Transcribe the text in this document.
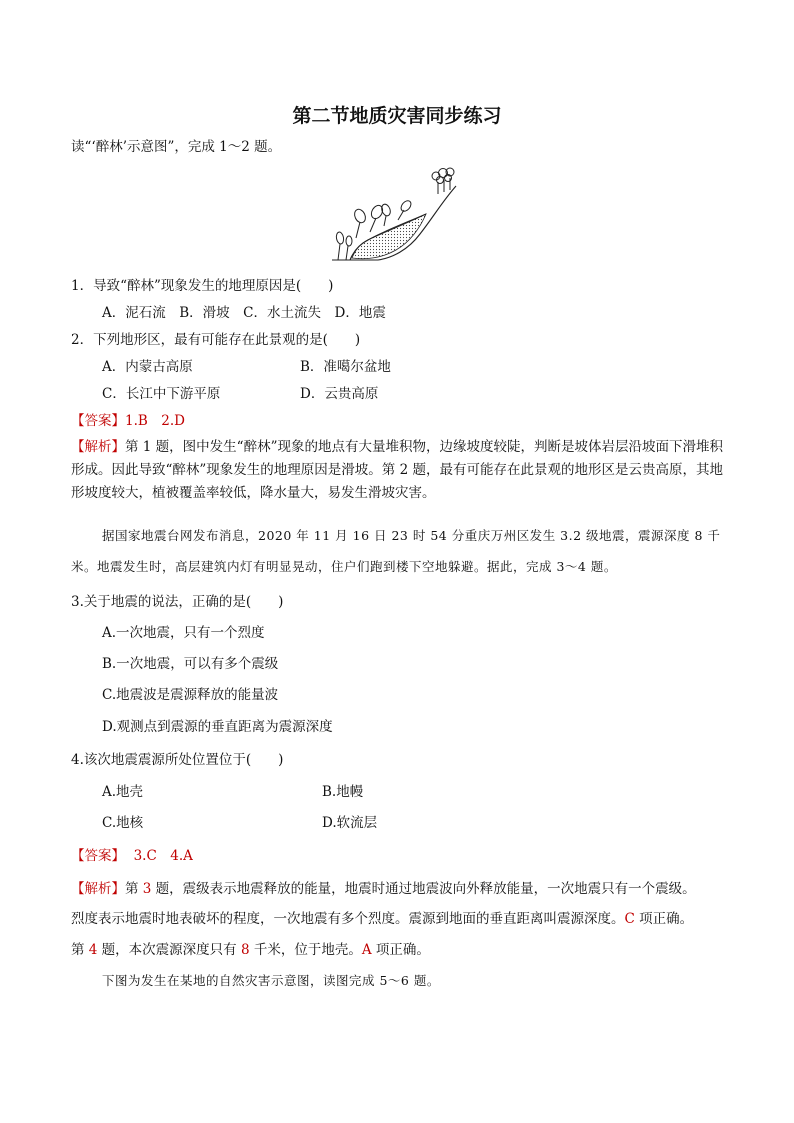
第二节地质灾害同步练习
读“‘醉林’示意图”，完成 1～2 题。
1．导致“醉林”现象发生的地理原因是(　　)
A．泥石流　B．滑坡　C．水土流失　D．地震
2．下列地形区，最有可能存在此景观的是(　　)
A．内蒙古高原	B．准噶尔盆地
C．长江中下游平原	D．云贵高原
【答案】1.B　2.D
【解析】第 1 题，图中发生“醉林”现象的地点有大量堆积物，边缘坡度较陡，判断是坡体岩层沿坡面下滑堆积形成。因此导致“醉林”现象发生的地理原因是滑坡。第 2 题，最有可能存在此景观的地形区是云贵高原，其地形坡度较大，植被覆盖率较低，降水量大，易发生滑坡灾害。
据国家地震台网发布消息，2020 年 11 月 16 日 23 时 54 分重庆万州区发生 3.2 级地震，震源深度 8 千
米。地震发生时，高层建筑内灯有明显晃动，住户们跑到楼下空地躲避。据此，完成 3～4 题。
3.关于地震的说法，正确的是(　　)
A.一次地震，只有一个烈度
B.一次地震，可以有多个震级
C.地震波是震源释放的能量波
D.观测点到震源的垂直距离为震源深度
4.该次地震震源所处位置位于(　　)
A.地壳	B.地幔
C.地核	D.软流层
【答案】 3.C　4.A
【解析】第 3 题，震级表示地震释放的能量，地震时通过地震波向外释放能量，一次地震只有一个震级。
烈度表示地震时地表破坏的程度，一次地震有多个烈度。震源到地面的垂直距离叫震源深度。C 项正确。
第 4 题，本次震源深度只有 8 千米，位于地壳。A 项正确。
下图为发生在某地的自然灾害示意图，读图完成 5～6 题。
